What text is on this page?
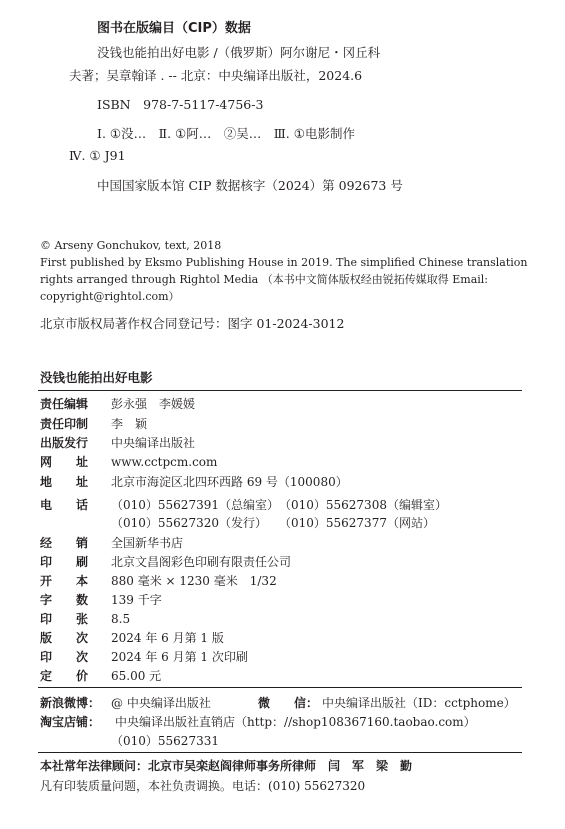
图书在版编目（CIP）数据
没钱也能拍出好电影 /（俄罗斯）阿尔谢尼・冈丘科
夫著；吴章翰译 . -- 北京：中央编译出版社，2024.6
ISBN　978-7-5117-4756-3
Ⅰ. ①没…　Ⅱ. ①阿…　②吴…　Ⅲ. ①电影制作
Ⅳ. ① J91
中国国家版本馆 CIP 数据核字（2024）第 092673 号
© Arseny Gonchukov, text, 2018
First published by Eksmo Publishing House in 2019. The simplified Chinese translation
rights arranged through Rightol Media （本书中文简体版权经由锐拓传媒取得 Email:
copyright@rightol.com）
北京市版权局著作权合同登记号：图字 01-2024-3012
没钱也能拍出好电影
责任编辑 彭永强　李媛媛
责任印制 李　颖
出版发行 中央编译出版社
网　　址 www.cctpcm.com
地　　址 北京市海淀区北四环西路 69 号（100080）
电　　话 （010）55627391（总编室）　（010）55627308（编辑室）
（010）55627320（发行）　　（010）55627377（网站）
经　　销 全国新华书店
印　　刷 北京文昌阁彩色印刷有限责任公司
开　　本 880 毫米 × 1230 毫米　1/32
字　　数 139 千字
印　　张 8.5
版　　次 2024 年 6 月第 1 版
印　　次 2024 年 6 月第 1 次印刷
定　　价 65.00 元
新浪微博： @ 中央编译出版社	微　　信： 中央编译出版社（ID：cctphome）
淘宝店铺： 中央编译出版社直销店（http：//shop108367160.taobao.com）
（010）55627331
本社常年法律顾问：北京市吴栾赵阎律师事务所律师　闫　军　梁　勤
凡有印装质量问题，本社负责调换。电话：(010) 55627320
